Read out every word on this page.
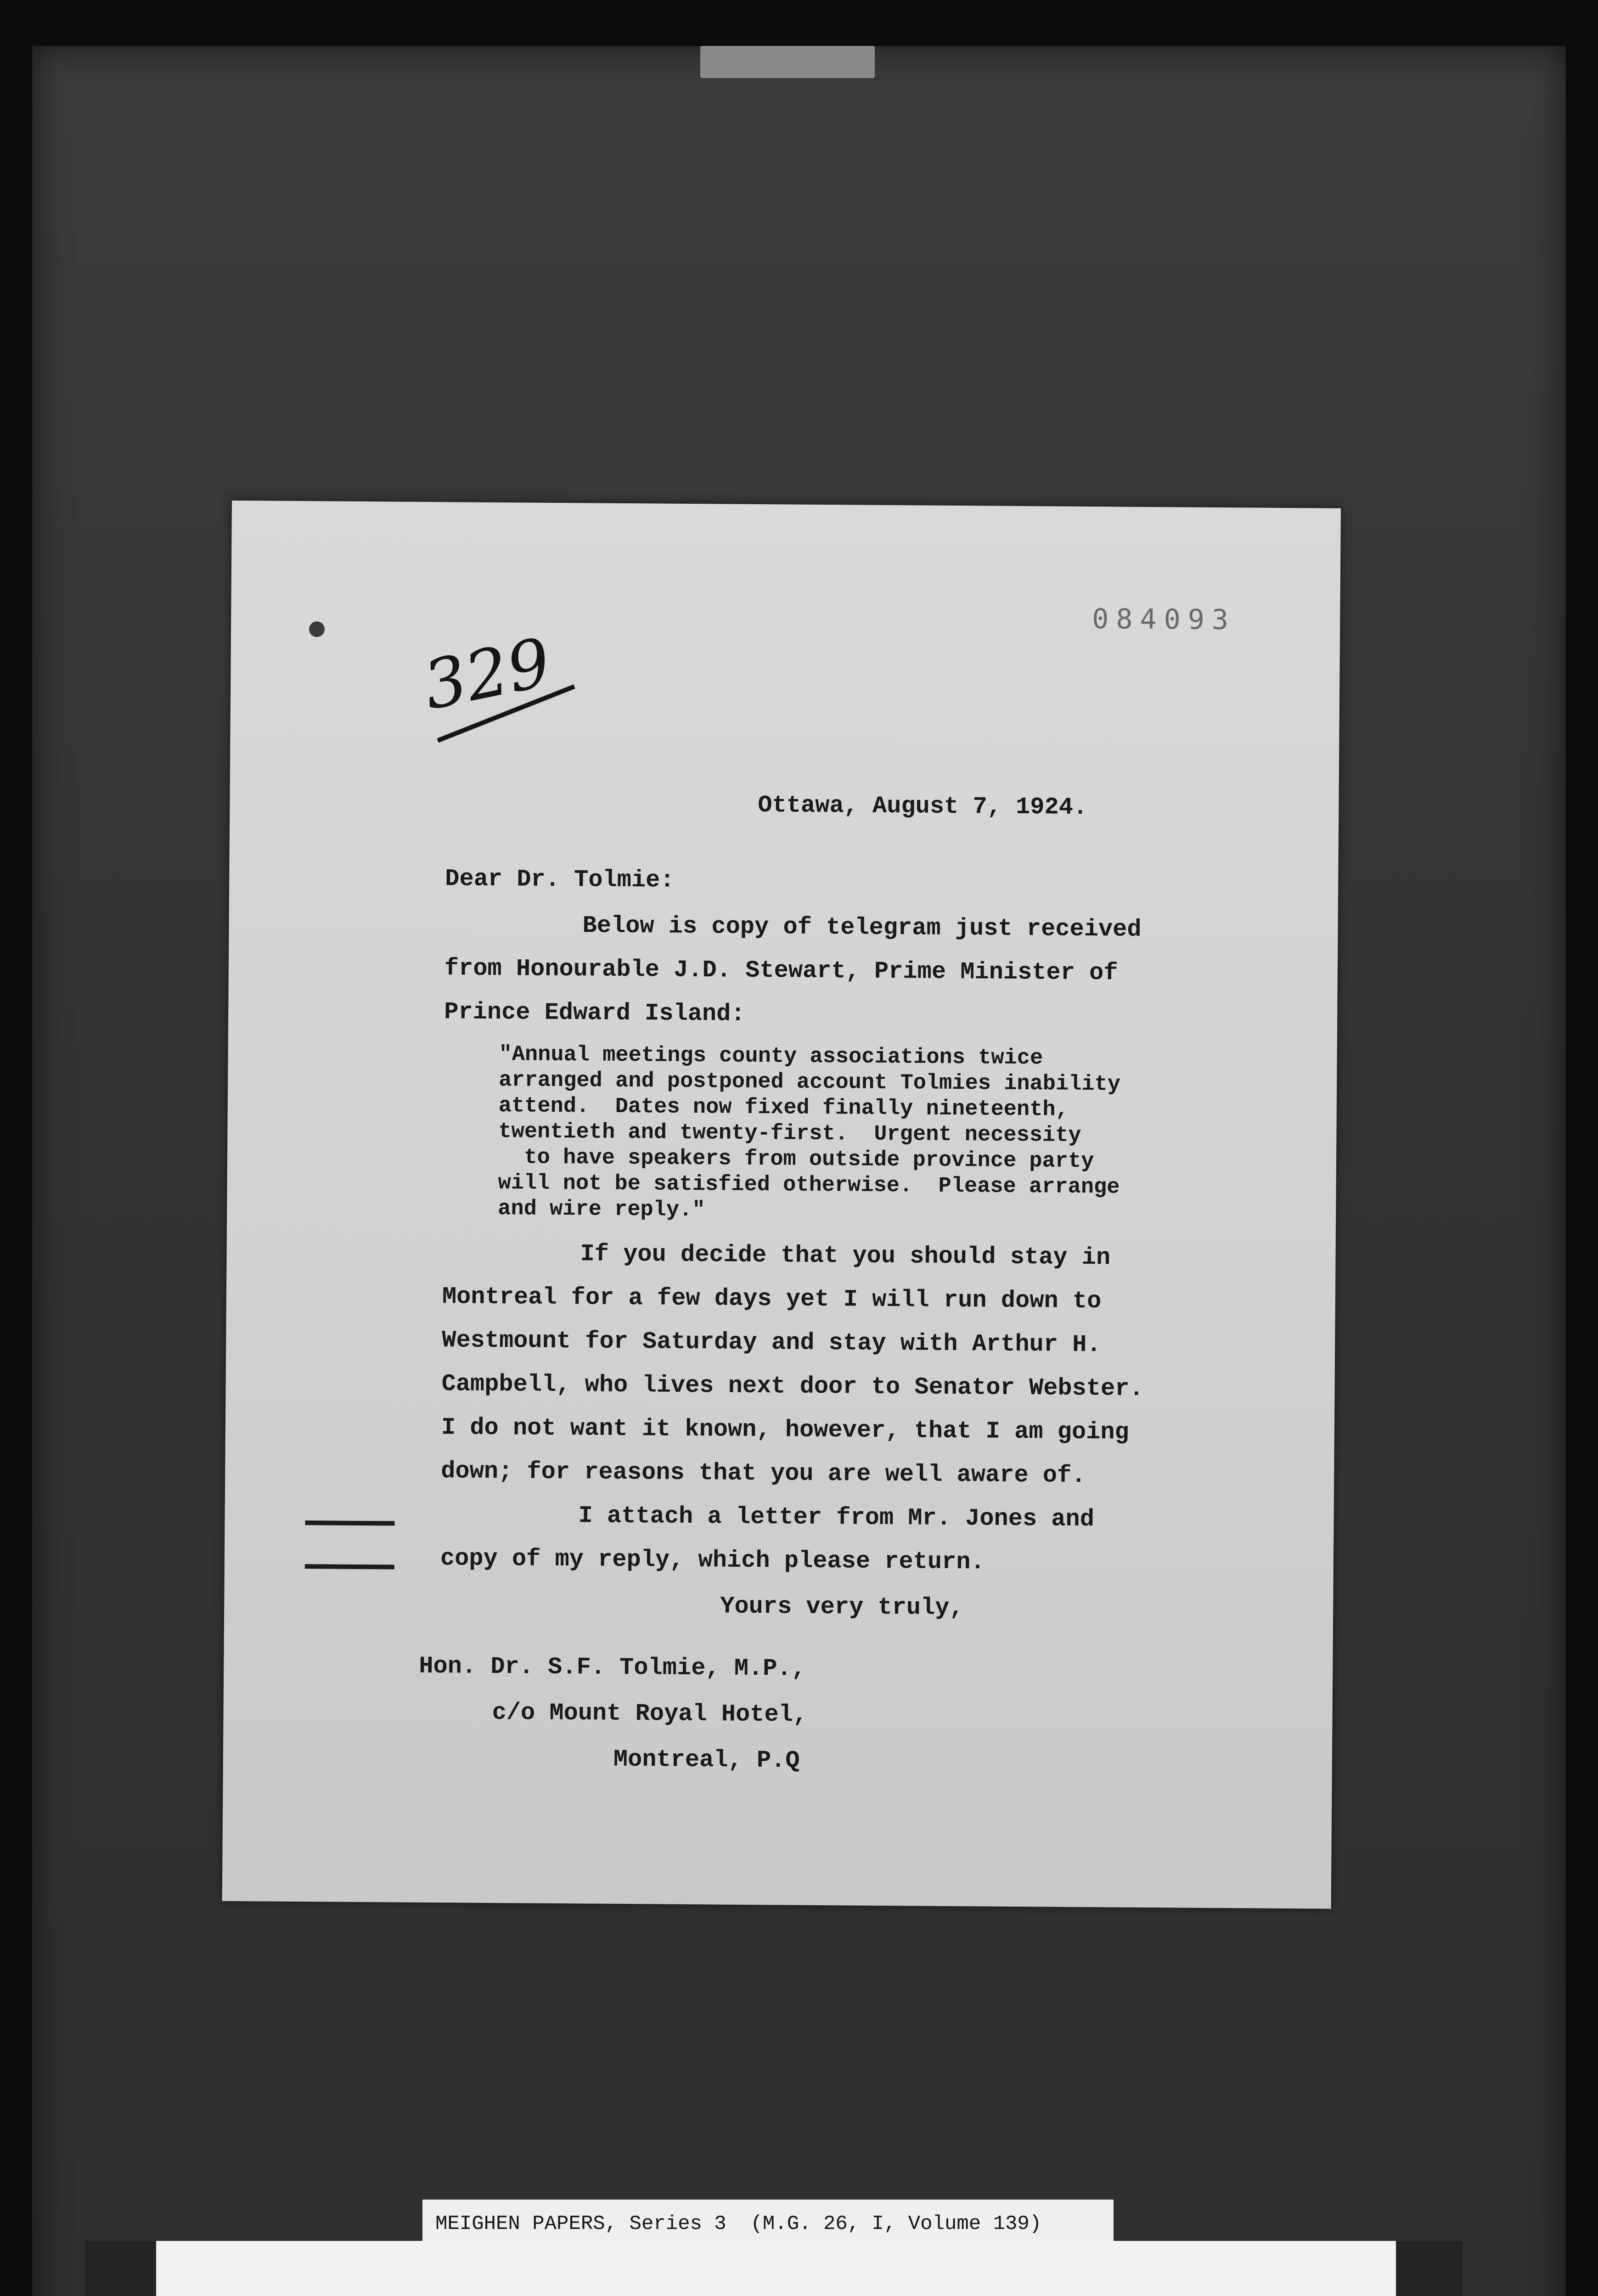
084093
329
Ottawa, August 7, 1924.
Dear Dr. Tolmie:
Below is copy of telegram just received
from Honourable J.D. Stewart, Prime Minister of
Prince Edward Island:
"Annual meetings county associations twice
arranged and postponed account Tolmies inability
attend.  Dates now fixed finally nineteenth,
twentieth and twenty-first.  Urgent necessity
to have speakers from outside province party
will not be satisfied otherwise.  Please arrange
and wire reply."
If you decide that you should stay in
Montreal for a few days yet I will run down to
Westmount for Saturday and stay with Arthur H.
Campbell, who lives next door to Senator Webster.
I do not want it known, however, that I am going
down; for reasons that you are well aware of.
I attach a letter from Mr. Jones and
copy of my reply, which please return.
Yours very truly,
Hon. Dr. S.F. Tolmie, M.P.,
c/o Mount Royal Hotel,
Montreal, P.Q
MEIGHEN PAPERS, Series 3  (M.G. 26, I, Volume 139)
